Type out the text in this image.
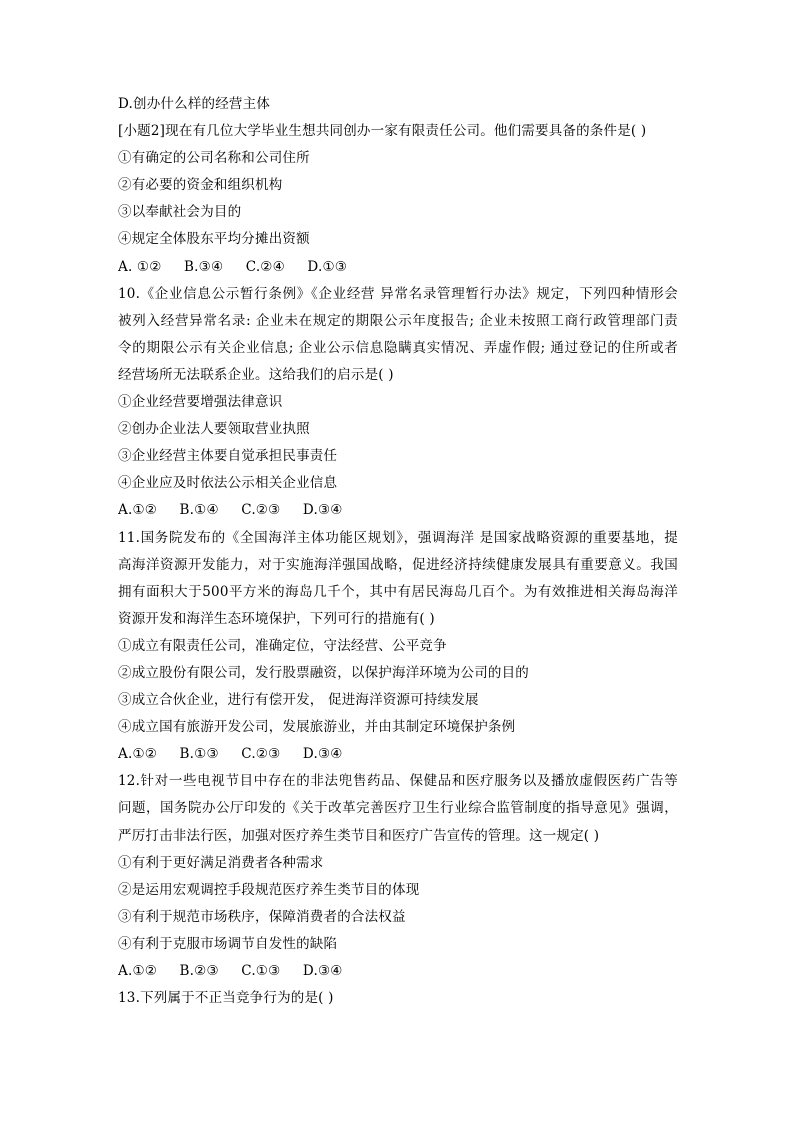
D.创办什么样的经营主体
[小题2]现在有几位大学毕业生想共同创办一家有限责任公司。他们需要具备的条件是( )
①有确定的公司名称和公司住所
②有必要的资金和组织机构
③以奉献社会为目的
④规定全体股东平均分摊出资额
A. ①② B.③④ C.②④ D.①③
10.《企业信息公示暂行条例》《企业经营 异常名录管理暂行办法》规定，下列四种情形会
被列入经营异常名录: 企业未在规定的期限公示年度报告; 企业未按照工商行政管理部门责
令的期限公示有关企业信息; 企业公示信息隐瞒真实情况、弄虚作假; 通过登记的住所或者
经营场所无法联系企业。这给我们的启示是( )
①企业经营要增强法律意识
②创办企业法人要领取营业执照
③企业经营主体要自觉承担民事责任
④企业应及时依法公示相关企业信息
A.①② B.①④ C.②③ D.③④
11.国务院发布的《全国海洋主体功能区规划》，强调海洋 是国家战略资源的重要基地，提
高海洋资源开发能力，对于实施海洋强国战略，促进经济持续健康发展具有重要意义。我国
拥有面积大于500平方米的海岛几千个，其中有居民海岛几百个。为有效推进相关海岛海洋
资源开发和海洋生态环境保护，下列可行的措施有( )
①成立有限责任公司，准确定位，守法经营、公平竞争
②成立股份有限公司，发行股票融资，以保护海洋环境为公司的目的
③成立合伙企业，进行有偿开发， 促进海洋资源可持续发展
④成立国有旅游开发公司，发展旅游业，并由其制定环境保护条例
A.①② B.①③ C.②③ D.③④
12.针对一些电视节目中存在的非法兜售药品、保健品和医疗服务以及播放虚假医药广告等
问题，国务院办公厅印发的《关于改革完善医疗卫生行业综合监管制度的指导意见》强调，
严厉打击非法行医，加强对医疗养生类节目和医疗广告宣传的管理。这一规定( )
①有利于更好满足消费者各种需求
②是运用宏观调控手段规范医疗养生类节目的体现
③有利于规范市场秩序，保障消费者的合法权益
④有利于克服市场调节自发性的缺陷
A.①② B.②③ C.①③ D.③④
13.下列属于不正当竞争行为的是( )
